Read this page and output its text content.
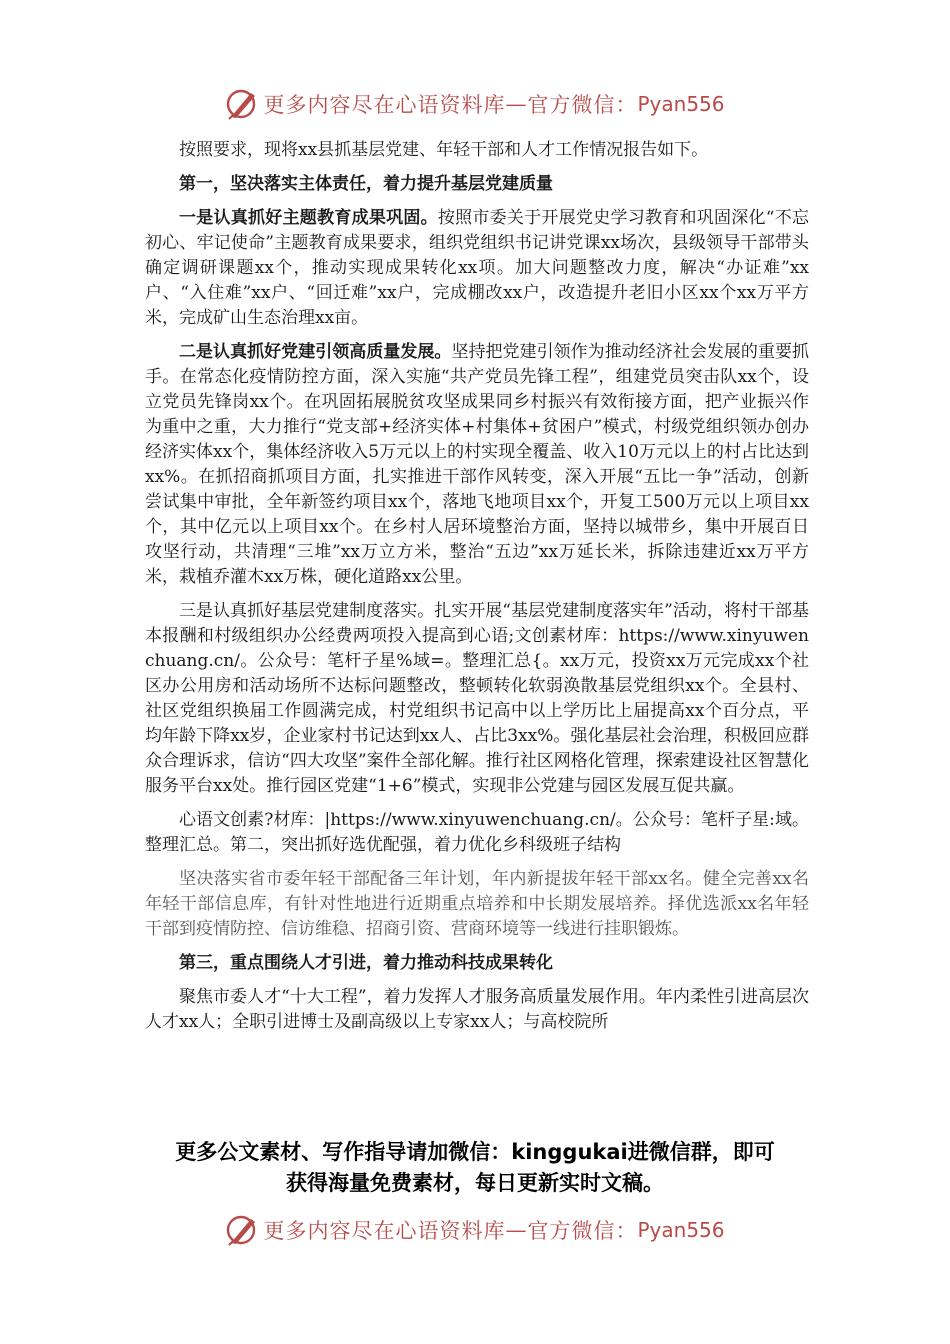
更多内容尽在心语资料库 — 官方微信： Pyan556

按照要求，现将xx县抓基层党建、年轻干部和人才工作情况报告如下。

第一，坚决落实主体责任，着力提升基层党建质量

一是认真抓好主题教育成果巩固。按照市委关于开展党史学习教育和巩固深化“不忘初心、牢记使命”主题教育成果要求，组织党组织书记讲党课xx场次，县级领导干部带头确定调研课题xx个，推动实现成果转化xx项。加大问题整改力度，解决“办证难”xx户、“入住难”xx户、“回迁难”xx户，完成棚改xx户，改造提升老旧小区xx个xx万平方米，完成矿山生态治理xx亩。

二是认真抓好党建引领高质量发展。坚持把党建引领作为推动经济社会发展的重要抓手。在常态化疫情防控方面，深入实施“共产党员先锋工程”，组建党员突击队xx个，设立党员先锋岗xx个。在巩固拓展脱贫攻坚成果同乡村振兴有效衔接方面，把产业振兴作为重中之重，大力推行“党支部+经济实体+村集体+贫困户”模式，村级党组织领办创办经济实体xx个，集体经济收入5万元以上的村实现全覆盖、收入10万元以上的村占比达到xx%。在抓招商抓项目方面，扎实推进干部作风转变，深入开展“五比一争”活动，创新尝试集中审批，全年新签约项目xx个，落地飞地项目xx个，开复工500万元以上项目xx个，其中亿元以上项目xx个。在乡村人居环境整治方面，坚持以城带乡，集中开展百日攻坚行动，共清理“三堆”xx万立方米，整治“五边”xx万延长米，拆除违建近xx万平方米，栽植乔灌木xx万株，硬化道路xx公里。

三是认真抓好基层党建制度落实。扎实开展“基层党建制度落实年”活动，将村干部基本报酬和村级组织办公经费两项投入提高到心语;文创素材库：https://www.xinyuwenchuang.cn/。公众号：笔杆子星%域=。整理汇总{。xx万元，投资xx万元完成xx个社区办公用房和活动场所不达标问题整改，整顿转化软弱涣散基层党组织xx个。全县村、社区党组织换届工作圆满完成，村党组织书记高中以上学历比上届提高xx个百分点，平均年龄下降xx岁，企业家村书记达到xx人、占比3xx%。强化基层社会治理，积极回应群众合理诉求，信访“四大攻坚”案件全部化解。推行社区网格化管理，探索建设社区智慧化服务平台xx处。推行园区党建“1+6”模式，实现非公党建与园区发展互促共赢。

心语文创素?材库：|https://www.xinyuwenchuang.cn/。公众号：笔杆子星:域。整理汇总。第二，突出抓好选优配强，着力优化乡科级班子结构

坚决落实省市委年轻干部配备三年计划，年内新提拔年轻干部xx名。健全完善xx名年轻干部信息库，有针对性地进行近期重点培养和中长期发展培养。择优选派xx名年轻干部到疫情防控、信访维稳、招商引资、营商环境等一线进行挂职锻炼。

第三，重点围绕人才引进，着力推动科技成果转化

聚焦市委人才“十大工程”，着力发挥人才服务高质量发展作用。年内柔性引进高层次人才xx人；全职引进博士及副高级以上专家xx人；与高校院所

更多公文素材、写作指导请加微信：kinggukai进微信群，即可
获得海量免费素材，每日更新实时文稿。
更多内容尽在心语资料库 — 官方微信： Pyan556
